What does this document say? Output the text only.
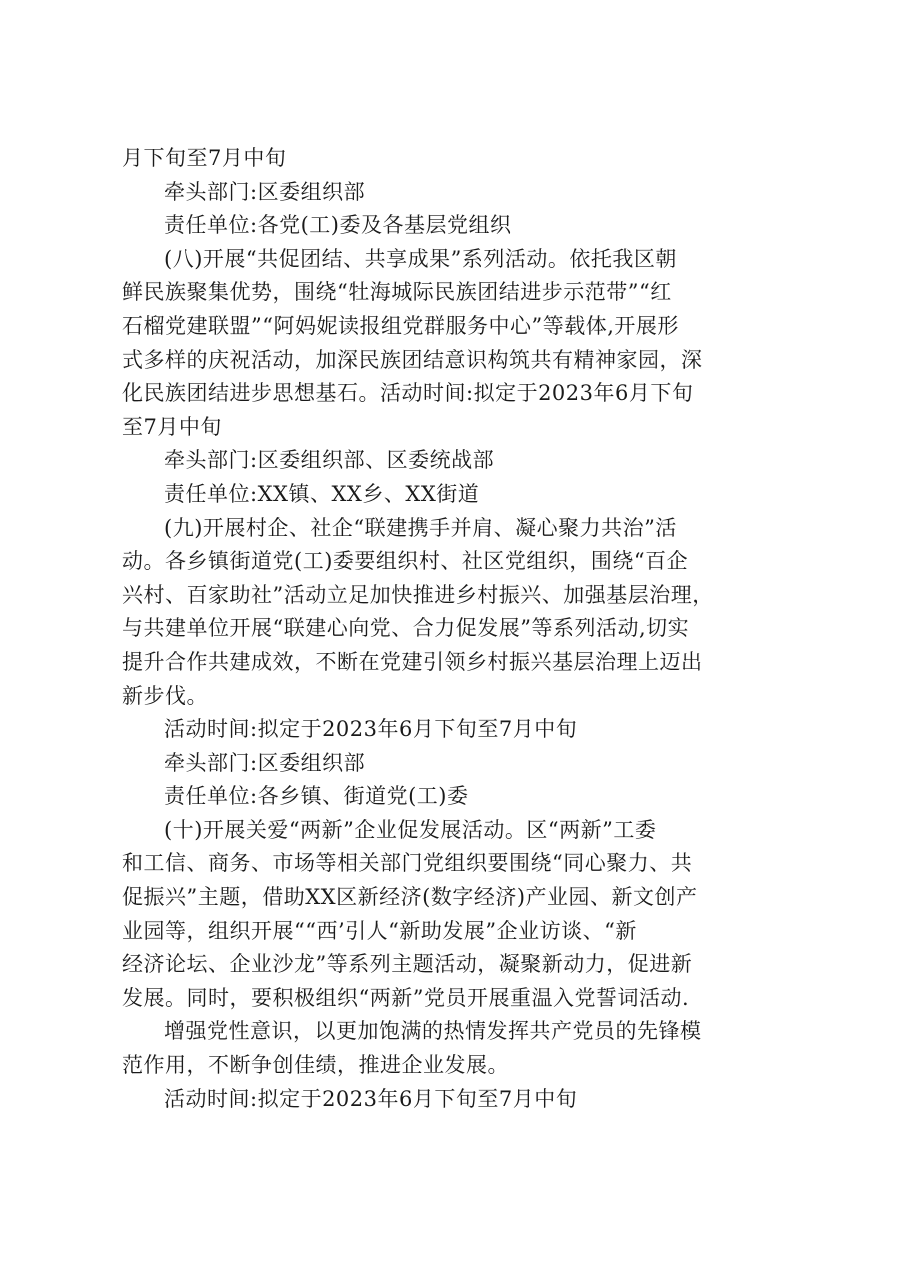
月下旬至7月中旬
牵头部门:区委组织部
责任单位:各党(工)委及各基层党组织
(八)开展“共促团结、共享成果”系列活动。依托我区朝
鲜民族聚集优势，围绕“牡海城际民族团结进步示范带”“红
石榴党建联盟”“阿妈妮读报组党群服务中心”等载体,开展形
式多样的庆祝活动，加深民族团结意识构筑共有精神家园，深
化民族团结进步思想基石。活动时间:拟定于2023年6月下旬
至7月中旬
牵头部门:区委组织部、区委统战部
责任单位:XX镇、XX乡、XX街道
(九)开展村企、社企“联建携手并肩、凝心聚力共治”活
动。各乡镇街道党(工)委要组织村、社区党组织，围绕“百企
兴村、百家助社”活动立足加快推进乡村振兴、加强基层治理，
与共建单位开展“联建心向党、合力促发展”等系列活动,切实
提升合作共建成效，不断在党建引领乡村振兴基层治理上迈出
新步伐。
活动时间:拟定于2023年6月下旬至7月中旬
牵头部门:区委组织部
责任单位:各乡镇、街道党(工)委
(十)开展关爱“两新”企业促发展活动。区“两新”工委
和工信、商务、市场等相关部门党组织要围绕“同心聚力、共
促振兴”主题，借助XX区新经济(数字经济)产业园、新文创产
业园等，组织开展““西’引人“新助发展”企业访谈、“新
经济论坛、企业沙龙”等系列主题活动，凝聚新动力，促进新
发展。同时，要积极组织“两新”党员开展重温入党誓词活动.
增强党性意识，以更加饱满的热情发挥共产党员的先锋模
范作用，不断争创佳绩，推进企业发展。
活动时间:拟定于2023年6月下旬至7月中旬
